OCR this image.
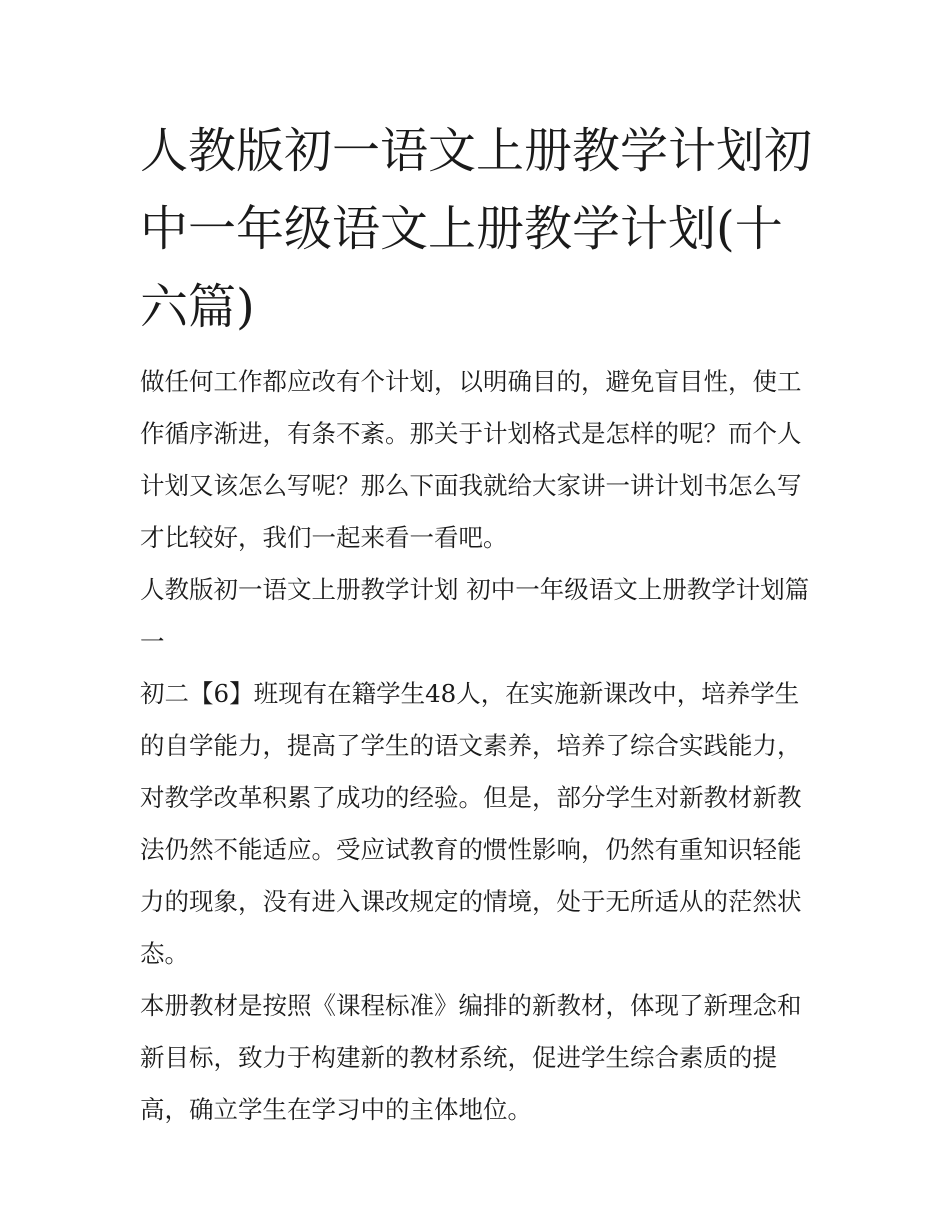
人教版初一语文上册教学计划初中一年级语文上册教学计划(十六篇)

做任何工作都应改有个计划，以明确目的，避免盲目性，使工作循序渐进，有条不紊。那关于计划格式是怎样的呢？而个人计划又该怎么写呢？那么下面我就给大家讲一讲计划书怎么写才比较好，我们一起来看一看吧。

人教版初一语文上册教学计划 初中一年级语文上册教学计划篇一

初二【6】班现有在籍学生48人，在实施新课改中，培养学生的自学能力，提高了学生的语文素养，培养了综合实践能力，对教学改革积累了成功的经验。但是，部分学生对新教材新教法仍然不能适应。受应试教育的惯性影响，仍然有重知识轻能力的现象，没有进入课改规定的情境，处于无所适从的茫然状态。

本册教材是按照《课程标准》编排的新教材，体现了新理念和新目标，致力于构建新的教材系统，促进学生综合素质的提高，确立学生在学习中的主体地位。
